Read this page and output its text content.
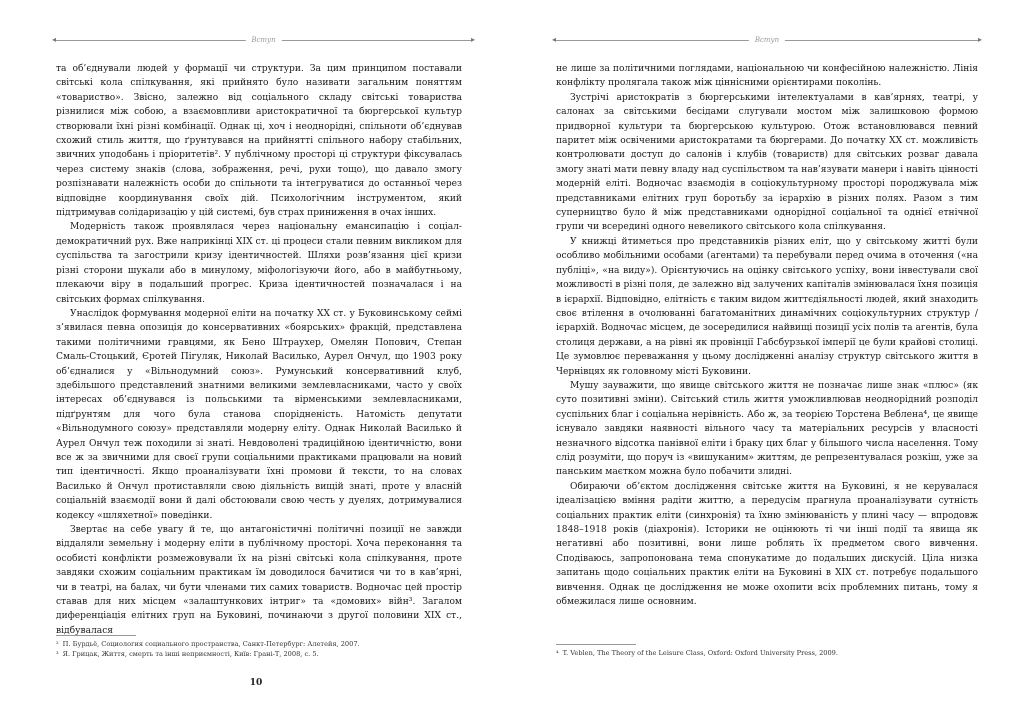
◂	▸
Вступ

та об’єднували людей у формації чи структури. За цим принципом поставали світські кола спілкування, які прийнято було називати загальним поняттям «товариство». Звісно, залежно від соціального складу світські товариства різнилися між собою, а взаємовпливи аристократичної та бюргерської культур створювали їхні різні комбінації. Однак ці, хоч і неоднорідні, спільноти об’єднував схожий стиль життя, що ґрунтувався на прийнятті спільного набору стабільних, звичних уподобань і пріоритетів². У публічному просторі ці структури фіксувалась через систему знаків (слова, зображення, речі, рухи тощо), що давало змогу розпізнавати належність особи до спільноти та інтегруватися до останньої через відповідне координування своїх дій. Психологічним інструментом, який підтримував солідаризацію у цій системі, був страх приниження в очах інших.

Модерність також проявлялася через національну емансипацію і соціал-демократичний рух. Вже наприкінці ХІХ ст. ці процеси стали певним викликом для суспільства та загострили кризу ідентичностей. Шляхи розв’язання цієї кризи різні сторони шукали або в минулому, міфологізуючи його, або в майбутньому, плекаючи віру в подальший прогрес. Криза ідентичностей позначалася і на світських формах спілкування.

Унаслідок формування модерної еліти на початку ХХ ст. у Буковинському сеймі з’явилася певна опозиція до консервативних «боярських» фракцій, представлена такими політичними гравцями, як Бено Штраухер, Омелян Попович, Степан Смаль-Стоцький, Єротей Пігуляк, Николай Василько, Аурел Ончул, що 1903 року об’єдналися у «Вільнодумний союз». Румунський консервативний клуб, здебільшого представлений знатними великими землевласниками, часто у своїх інтересах об’єднувався із польськими та вірменськими землевласниками, підґрунтям для чого була станова спорідненість. Натомість депутати «Вільнодумного союзу» представляли модерну еліту. Однак Николай Василько й Аурел Ончул теж походили зі знаті. Невдоволені традиційною ідентичністю, вони все ж за звичними для своєї групи соціальними практиками працювали на новий тип ідентичності. Якщо проаналізувати їхні промови й тексти, то на словах Василько й Ончул протиставляли свою діяльність вищій знаті, проте у власній соціальній взаємодії вони й далі обстоювали свою честь у дуелях, дотримувалися кодексу «шляхетної» поведінки.

Звертає на себе увагу й те, що антагоністичні політичні позиції не завжди віддаляли земельну і модерну еліти в публічному просторі. Хоча переконання та особисті конфлікти розмежовували їх на різні світські кола спілкування, проте завдяки схожим соціальним практикам їм доводилося бачитися чи то в кав’ярні, чи в театрі, на балах, чи бути членами тих самих товариств. Водночас цей простір ставав для них місцем «залаштункових інтриг» та «домових» війн³. Загалом диференціація елітних груп на Буковині, починаючи з другої половини ХІХ ст., відбувалася

² П. Бурдьё, Социология социального пространства, Санкт-Петербург: Алетейя, 2007.
³ Я. Грицак, Життя, смерть та інші неприємності, Київ: Грані-Т, 2008, с. 5.
10
◂	▸
Вступ

не лише за політичними поглядами, національною чи конфесійною належністю. Лінія конфлікту пролягала також між ціннісними орієнтирами поколінь.

Зустрічі аристократів з бюргерськими інтелектуалами в кав’ярнях, театрі, у салонах за світськими бесідами слугували мостом між залишковою формою придворної культури та бюргерською культурою. Отож встановлювався певний паритет між освіченими аристократами та бюргерами. До початку ХХ ст. можливість контролювати доступ до салонів і клубів (товариств) для світських розваг давала змогу знаті мати певну владу над суспільством та нав’язувати манери і навіть цінності модерній еліті. Водночас взаємодія в соціокультурному просторі породжувала між представниками елітних груп боротьбу за ієрархію в різних полях. Разом з тим суперництво було й між представниками однорідної соціальної та однієї етнічної групи чи всередині одного невеликого світського кола спілкування.

У книжці йтиметься про представників різних еліт, що у світському житті були особливо мобільними особами (агентами) та перебували перед очима в оточення («на публіці», «на виду»). Орієнтуючись на оцінку світського успіху, вони інвестували свої можливості в різні поля, де залежно від залучених капіталів змінювалася їхня позиція в ієрархії. Відповідно, елітність є таким видом життєдіяльності людей, який знаходить своє втілення в очолюванні багатоманітних динамічних соціокультурних структур / ієрархій. Водночас місцем, де зосередилися найвищі позиції усіх полів та агентів, була столиця держави, а на рівні як провінції Габсбурзької імперії це були крайові столиці. Це зумовлює переважання у цьому дослідженні аналізу структур світського життя в Чернівцях як головному місті Буковини.

Мушу зауважити, що явище світського життя не позначає лише знак «плюс» (як суто позитивні зміни). Світський стиль життя уможливлював неоднорідний розподіл суспільних благ і соціальна нерівність. Або ж, за теорією Торстена Веблена⁴, це явище існувало завдяки наявності вільного часу та матеріальних ресурсів у власності незначного відсотка панівної еліти і браку цих благ у більшого числа населення. Тому слід розуміти, що поруч із «вишуканим» життям, де репрезентувалася розкіш, уже за панським маєтком можна було побачити злидні.

Обираючи об’єктом дослідження світське життя на Буковині, я не керувалася ідеалізацією вміння радіти життю, а передусім прагнула проаналізувати сутність соціальних практик еліти (синхронія) та їхню змінюваність у плині часу — впродовж 1848–1918 років (діахронія). Історики не оцінюють ті чи інші події та явища як негативні або позитивні, вони лише роблять їх предметом свого вивчення. Сподіваюсь, запропонована тема спонукатиме до подальших дискусій. Ціла низка запитань щодо соціальних практик еліти на Буковині в ХІХ ст. потребує подальшого вивчення. Однак це дослідження не може охопити всіх проблемних питань, тому я обмежилася лише основним.

⁴ T. Veblen, The Theory of the Leisure Class, Oxford: Oxford University Press, 2009.
